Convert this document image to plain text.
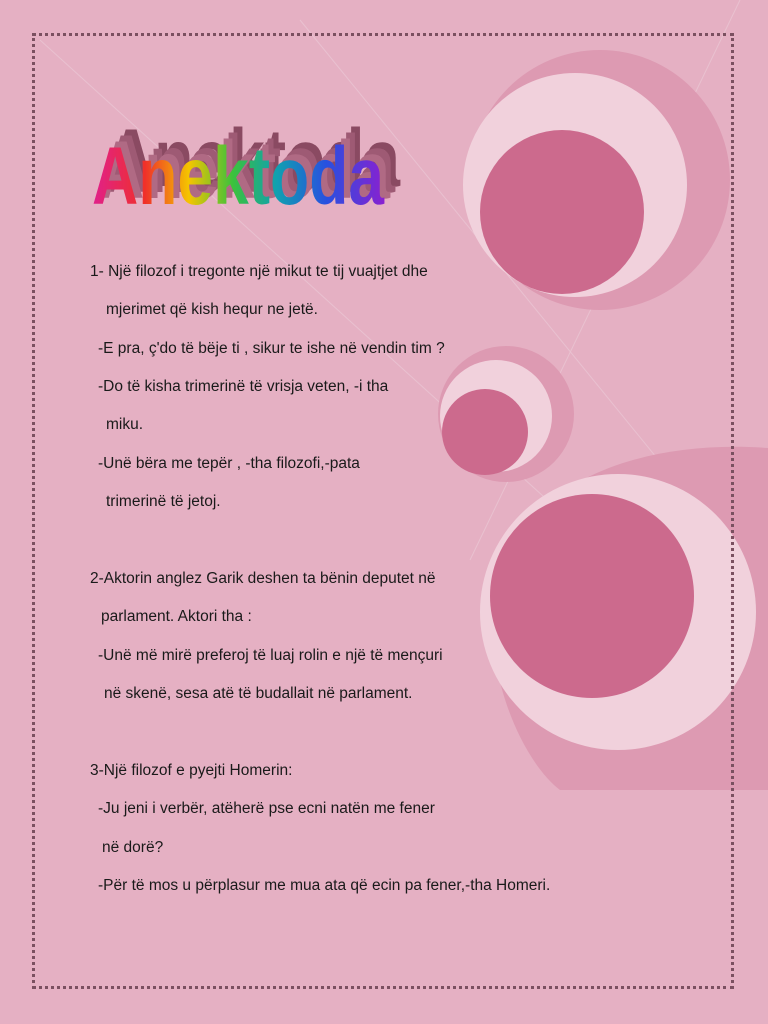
Anektoda
Anektoda
Anektoda
Anektoda
1- Një filozof i tregonte një mikut te tij vuajtjet dhe
mjerimet që kish hequr ne jetë.
-E pra, ç'do të bëje ti , sikur te ishe në vendin tim ?
-Do të kisha trimerinë të vrisja veten, -i tha
miku.
-Unë bëra me tepër , -tha filozofi,-pata
trimerinë të jetoj.
2-Aktorin anglez Garik deshen ta bënin deputet në
parlament. Aktori tha :
-Unë më mirë preferoj të luaj rolin e një të mençuri
në skenë, sesa atë të budallait në parlament.
3-Një filozof e pyejti Homerin:
-Ju jeni i verbër, atëherë pse ecni natën me fener
në dorë?
-Për të mos u përplasur me mua ata që ecin pa fener,-tha Homeri.
